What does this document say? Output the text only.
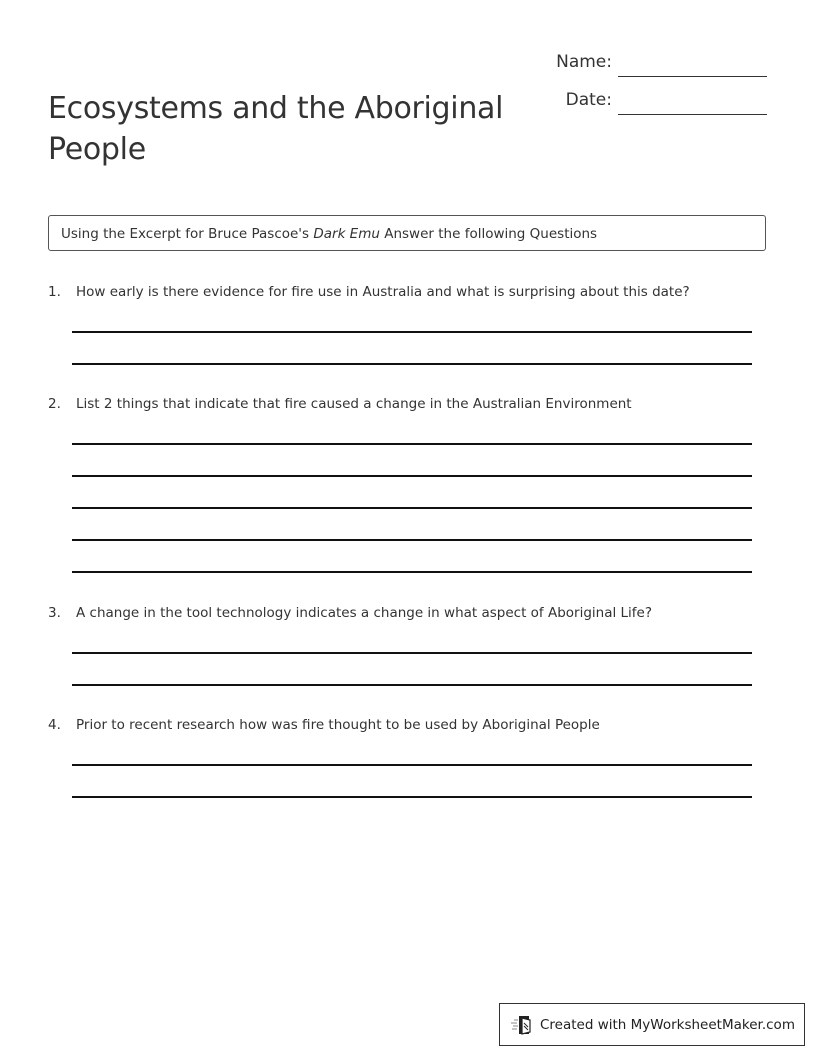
Ecosystems and the Aboriginal People
Name:
Date:
Using the Excerpt for Bruce Pascoe's Dark Emu Answer the following Questions
1. How early is there evidence for fire use in Australia and what is surprising about this date?
2. List 2 things that indicate that fire caused a change in the Australian Environment
3. A change in the tool technology indicates a change in what aspect of Aboriginal Life?
4. Prior to recent research how was fire thought to be used by Aboriginal People
Created with MyWorksheetMaker.com
